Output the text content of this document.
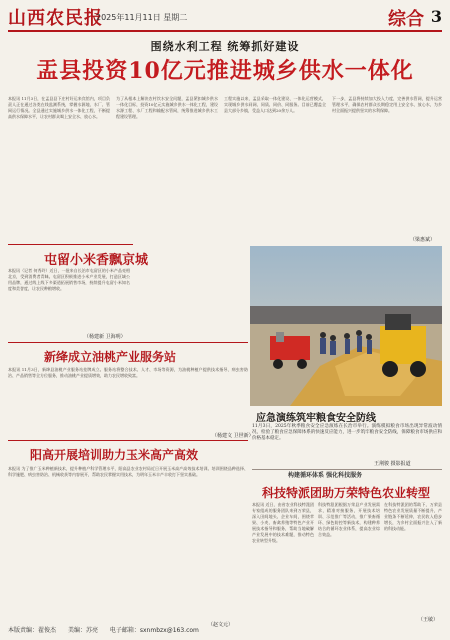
山西农民报
2025年11月11日 星期二	综合 3
围绕水利工程 统筹抓好建设
盂县投资10亿元推进城乡供水一体化
本报讯 11月3日，在孟县县下庄村好运来宾馆内，项目负责人正在通过各类在线监测系统，掌握水源地、水厂、管网运行情况。全县通过实施城乡供水一体化工程，不断提高供水保障水平，让农村群众喝上安全水、放心水。
为了从根本上解决农村饮水安全问题，孟县紧扣城乡供水一体化目标，投资10亿元实施城乡供水一体化工程，建设水源工程、水厂工程和输配水管网，统筹推进城乡供水工程建设管理。
工程实施以来，孟县采取一体化建设、一体化运营模式，实现城乡供水同网、同质、同价、同服务。目前已覆盖全县大部分乡镇，受益人口达到20余万人。
下一步，孟县将持续加大投入力度，完善供水管网，提升运营管理水平，确保农村群众长期稳定用上安全水、放心水，为乡村全面振兴提供坚实的水利保障。
（梁惠斌）
屯留小米香飘京城
本报讯（记者 何秀玲）近日，一批来自长治市屯留区的小米产品亮相北京，受到消费者青睐。屯留区积极推进小米产业发展，打造区域公用品牌，通过线上线下多渠道拓展销售市场，持续提升屯留小米知名度和美誉度，让农民种粮增收。
（杨建新 卫海明）
新绛成立油桃产业服务站
本报讯 11月3日，新绛县油桃产业服务站挂牌成立。服务站将整合技术、人才、市场等资源，为油桃种植户提供技术指导、病虫害防治、产品销售等全方位服务，推动油桃产业提质增效，助力农民增收致富。
（杨建文 卫世新）
阳高开展培训助力玉米高产高效
本报讯 为了推广玉米种植新技术，提升种植户科学管理水平，阳高县农业农村局近日开展玉米高产高效技术培训。培训围绕品种选择、科学施肥、病虫害防治、机械收获等内容展开，帮助农民掌握实用技术，为明年玉米丰产丰收打下坚实基础。
（赵文元）
应急演练筑牢粮食安全防线
11月3日，2025年秋季粮食安全应急演练在长治市举行。演练模拟粮食市场出现异常波动情况，检验了粮食应急保障体系的快速反应能力，进一步筑牢粮食安全防线，保障粮食市场供应和价格基本稳定。
王荆骏 摄影报道
构建循环体系 强化科技服务
科技特派团助万荣特色农业转型
本报讯 近日，由省农业科技特派团专家组成的服务团队来到万荣县，深入田间地头、企业车间，围绕苹果、小麦、畜禽养殖等特色产业开展技术指导和服务，帮助当地破解产业发展中的技术难题，推动特色农业转型升级。
科技特派团根据万荣县产业发展需求，精准对接服务，开展技术培训、示范推广等活动，推广果畜循环、绿色防控等新技术，构建种养结合的循环农业体系，提高农业综合效益。
在科技特派团的帮助下，万荣县特色农业发展质量不断提升，产业链条不断延伸，农民收入稳步增长，为乡村全面振兴注入了新的科技动能。
（王敏）
本版责编：翟俊杰 美编：苏亮 电子邮箱：sxnmbzx@163.com
